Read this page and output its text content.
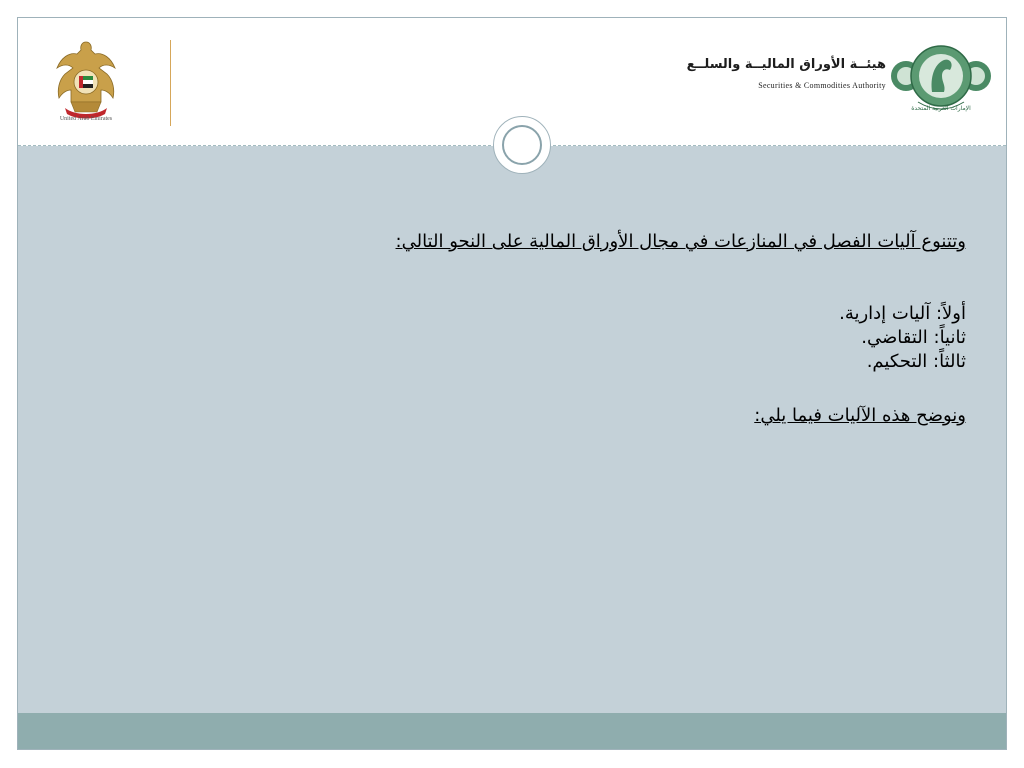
United Arab Emirates
هيئــة الأوراق الماليــة والسلــع
Securities & Commodities Authority
الإمارات العربية المتحدة

وتتنوع آليات الفصل في المنازعات في مجال الأوراق المالية على النحو التالي:

أولاً: آليات إدارية.

ثانياً: التقاضي.

ثالثاً: التحكيم.

ونوضح هذه الآليات فيما يلي:
